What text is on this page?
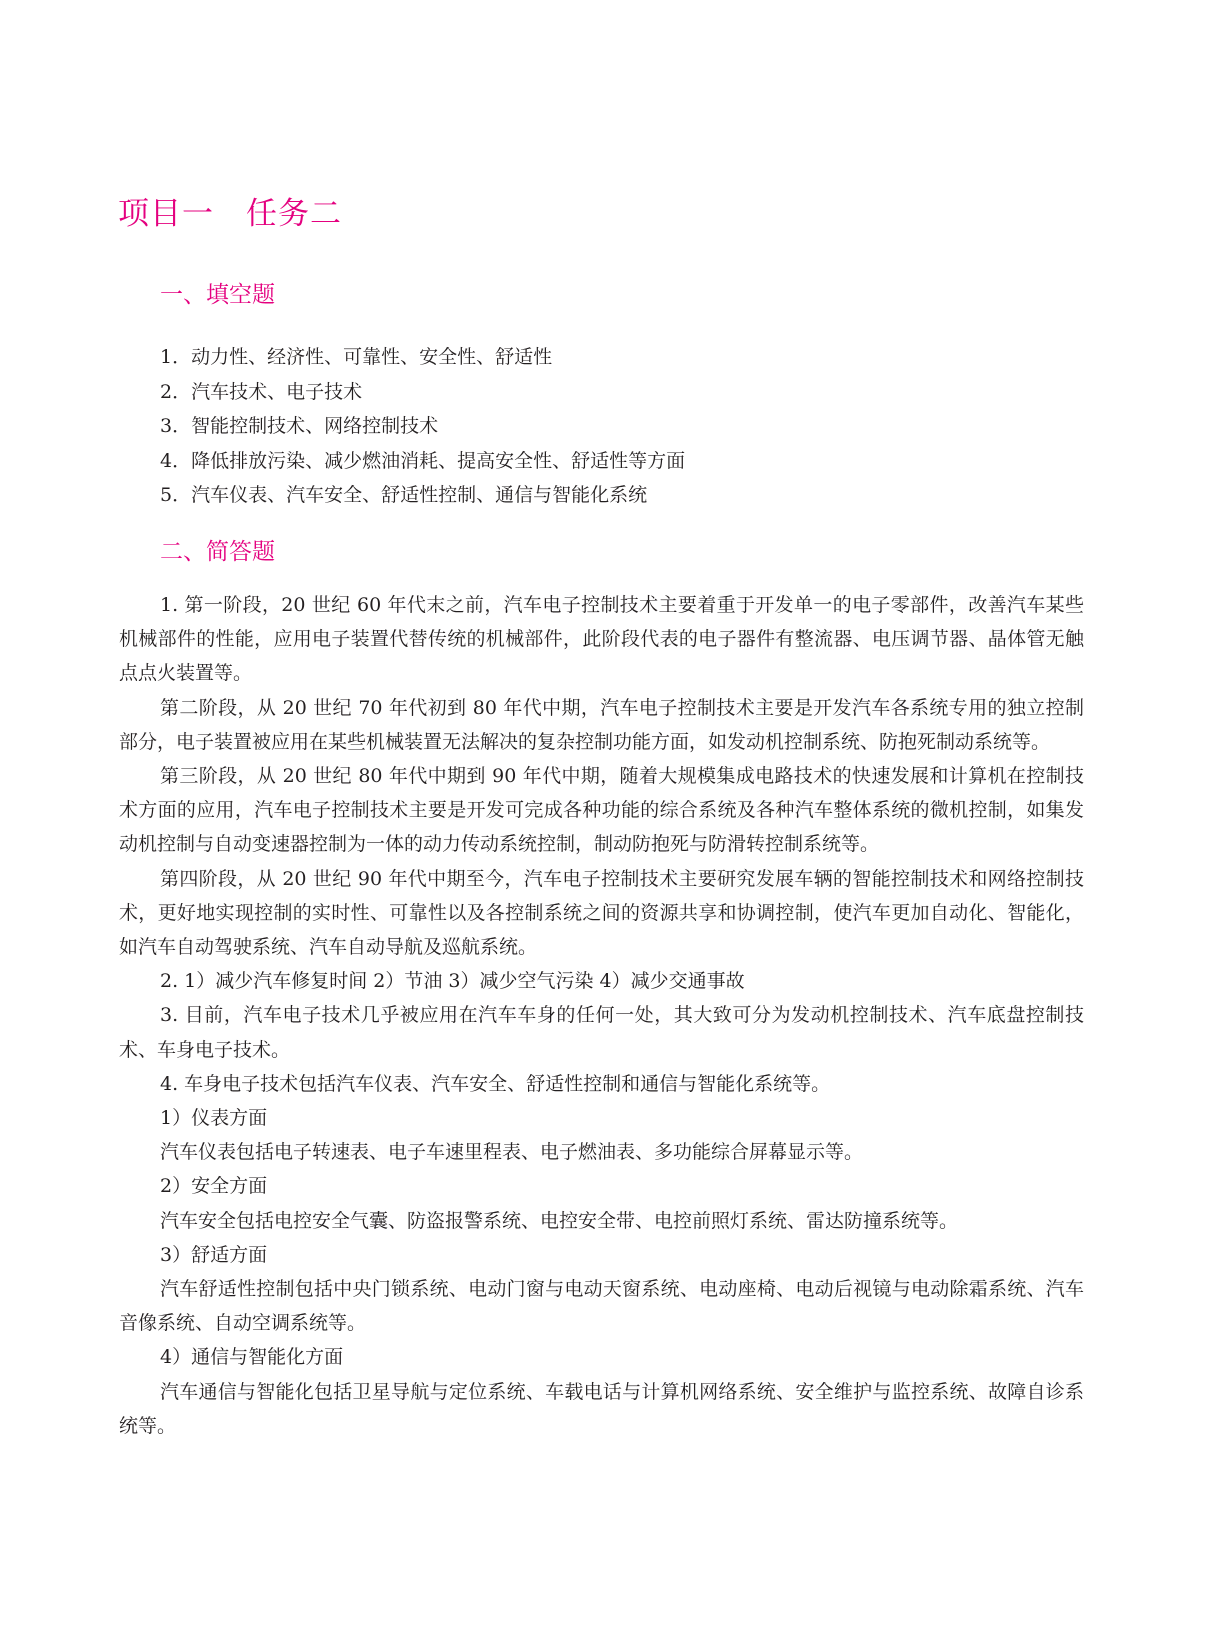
项目一 任务二
一、填空题
1．动力性、经济性、可靠性、安全性、舒适性
2．汽车技术、电子技术
3．智能控制技术、网络控制技术
4．降低排放污染、减少燃油消耗、提高安全性、舒适性等方面
5．汽车仪表、汽车安全、舒适性控制、通信与智能化系统
二、简答题

1. 第一阶段，20 世纪 60 年代末之前，汽车电子控制技术主要着重于开发单一的电子零部件，改善汽车某些机械部件的性能，应用电子装置代替传统的机械部件，此阶段代表的电子器件有整流器、电压调节器、晶体管无触点点火装置等。

第二阶段，从 20 世纪 70 年代初到 80 年代中期，汽车电子控制技术主要是开发汽车各系统专用的独立控制部分，电子装置被应用在某些机械装置无法解决的复杂控制功能方面，如发动机控制系统、防抱死制动系统等。

第三阶段，从 20 世纪 80 年代中期到 90 年代中期，随着大规模集成电路技术的快速发展和计算机在控制技术方面的应用，汽车电子控制技术主要是开发可完成各种功能的综合系统及各种汽车整体系统的微机控制，如集发动机控制与自动变速器控制为一体的动力传动系统控制，制动防抱死与防滑转控制系统等。

第四阶段，从 20 世纪 90 年代中期至今，汽车电子控制技术主要研究发展车辆的智能控制技术和网络控制技术，更好地实现控制的实时性、可靠性以及各控制系统之间的资源共享和协调控制，使汽车更加自动化、智能化，如汽车自动驾驶系统、汽车自动导航及巡航系统。

2. 1）减少汽车修复时间 2）节油 3）减少空气污染 4）减少交通事故

3. 目前，汽车电子技术几乎被应用在汽车车身的任何一处，其大致可分为发动机控制技术、汽车底盘控制技术、车身电子技术。

4. 车身电子技术包括汽车仪表、汽车安全、舒适性控制和通信与智能化系统等。

1）仪表方面

汽车仪表包括电子转速表、电子车速里程表、电子燃油表、多功能综合屏幕显示等。

2）安全方面

汽车安全包括电控安全气囊、防盗报警系统、电控安全带、电控前照灯系统、雷达防撞系统等。

3）舒适方面

汽车舒适性控制包括中央门锁系统、电动门窗与电动天窗系统、电动座椅、电动后视镜与电动除霜系统、汽车音像系统、自动空调系统等。

4）通信与智能化方面

汽车通信与智能化包括卫星导航与定位系统、车载电话与计算机网络系统、安全维护与监控系统、故障自诊系统等。
